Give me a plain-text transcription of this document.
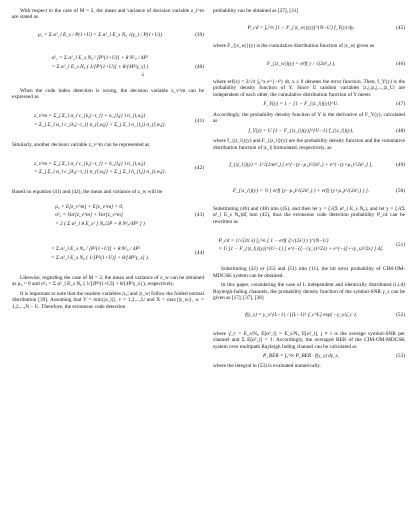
With respect to the case of M = 2, the mean and variance of decision variable z_l^m are stated as

μ₁ = Σ α²_l E_s / P(1+U) = Σ α²_l E_s N₀ √(γ_l / P(1+U))	(39)
σ²₁ = Σ α²_l E_s N₀ / [P²(1+U)] + θ N²₀ / 4P²
= Σ α²_l E_s N₀ ( 1/[P²(1+U)] + θ/[4P²γ_s] )
λ
(40)

When the code index detection is wrong, the decision variable z_v^m can be expressed as

z_v^m = Σ_j Σ_l α_l c_{k,j−τ_l} + n_{l,j} ) n_{l,w,j}
= Σ_j Σ_l α_l c_{k,j−τ_l} n_{l,w,j} + Σ_j Σ_l n_{l,j} n_{l,w,j}.
(41)

Similarly, another decision variable z_v^m can be represented as

z_v^m = Σ_j Σ_l α_l c_{k,j−τ_l} + ñ_{l,j} ) n_{l,w,j}
= Σ_j Σ_l α_l c_{k,j−τ_l} n_{l,w,j} + Σ_j Σ_l ñ_{l,j} n_{l,w,j}.
(42)

Based on equation (41) and (42), the mean and variance of z_w will be

μ₂ = E[z_v^m] + E[z_v^m] = 0,
σ²₂ = Var[z_v^m] + Var[z_v^m]
= 2 ( Σ α²_l θ E_s² [ N₀/2P + θ N²₀/4P² ] )
(43)
= Σ α²_l E_s N₀ / [P²(1+U)] + θ N²₀ / 4P²
= Σ α²_l E_s N₀ ( 1/[P²(1+U)] + θ/[4P²γ_s] ).
(44)

Likewise, regarding the case of M = 2, the mean and variance of z_w can be obtained as μ₃ = 0 and σ²₃ = Σ α²_l E_s N₀ ( 1/[2P²(1+U)] + θ/[4P²γ_s] ), respectively.

It is important to note that the random variables |z₁| and |z_w| follow the folded normal distribution [39]. Assuming that Y = min{|z_l|}, v = 1,2,...,U and X = max{|z_w|}, w = 1,2,...,N − U. Therefore, the erroneous code detection

probability can be obtained as [27], [31]

P_cd = ∫₀^∞ [1 − F_{|z_w|}(y)]^{N−U} f_Y(y) dy,	(45)

where F_{|z_w|}(y) is the cumulative distribution function of |z_w| given as

F_{|z_w|}(y) = erf( y / √(2σ²₂) ),	(46)

where erf(x) = 2/√π ∫₀^x e^{−t²} dt, x ≥ 0 denotes the error function. Then, f_Y(y) is the probability density function of Y. Since U random variables |z₁|,|z₂|,...,|z_U| are independent of each other, the cumulative distribution function of Y meets

F_Y(y) = 1 − [1 − F_{|z_l|}(y)]^U.	(47)

Accordingly, the probability density function of Y is the derivative of F_Y(y), calculated as

f_Y(y) = U [1 − F_{|z_l|}(y)]^{U−1} f_{|z_l|}(y),	(48)

where f_{|z_l|}(y) and F_{|z_l|}(y) are the probability density function and the cumulative distribution function of |z_l| formulated, respectively, as

f_{|z_l|}(y) = 1/√(2πσ²₁) [ e^{−(y−μ₁)²/2σ²₁} + e^{−(y+μ₁)²/2σ²₁} ],	(49)
F_{|z_l|}(y) = ½ [ erf( (y−μ₁)/√(2σ²₁) ) + erf( (y+μ₁)/√(2σ²₁) ) ].	(50)

Substituting (46) and (48) into (45), and then let y = ζ√(Σ α²_l E_s N₀), and let y = ζ√(Σ α²_l E_s N₀)dζ into (45), thus the erroneous code detection probability P_cd can be rewritten as

P_cd = 1/√(2π λ) ∫₀^∞ [ 1 − erf( ζ/√(2λ²) ) ]^{N−U}
× U [1 − F_{|z_l|}(y)]^{U−1} [ e^{−(ζ−√γ_s)²/2λ} + e^{−(ζ+√γ_s)²/2λ} ] dζ.
(51)

Substituting (32) or (35) and (51) into (11), the bit error probability of CIM-OM-MDCSK system can be obtained.

In this paper, considering the case of L independent and identically distributed (i.i.d) Rayleigh-fading channels, the probability density function of the symbol-SNR γ_s can be given as [17], [37], [38]

f(γ_s) = γ_s^{L−1} / [(L−1)! γ̄_c^L] exp( −γ_s/γ̄_c ),	(52)

where γ̄_c = E_s/N₀ E[α²_l] = E_s/N₀ E[α²_l], j ≠ l is the average symbol-SNR per channel and Σ E[α²_l] = 1. Accordingly, the averaged BER of the CIM-OM-MDCSK system over multipath Rayleigh fading channel can be calculated as

P_BER = ∫₀^∞ P_BER · f(γ_s) dγ_s,	(53)

where the integral in (53) is evaluated numerically.
